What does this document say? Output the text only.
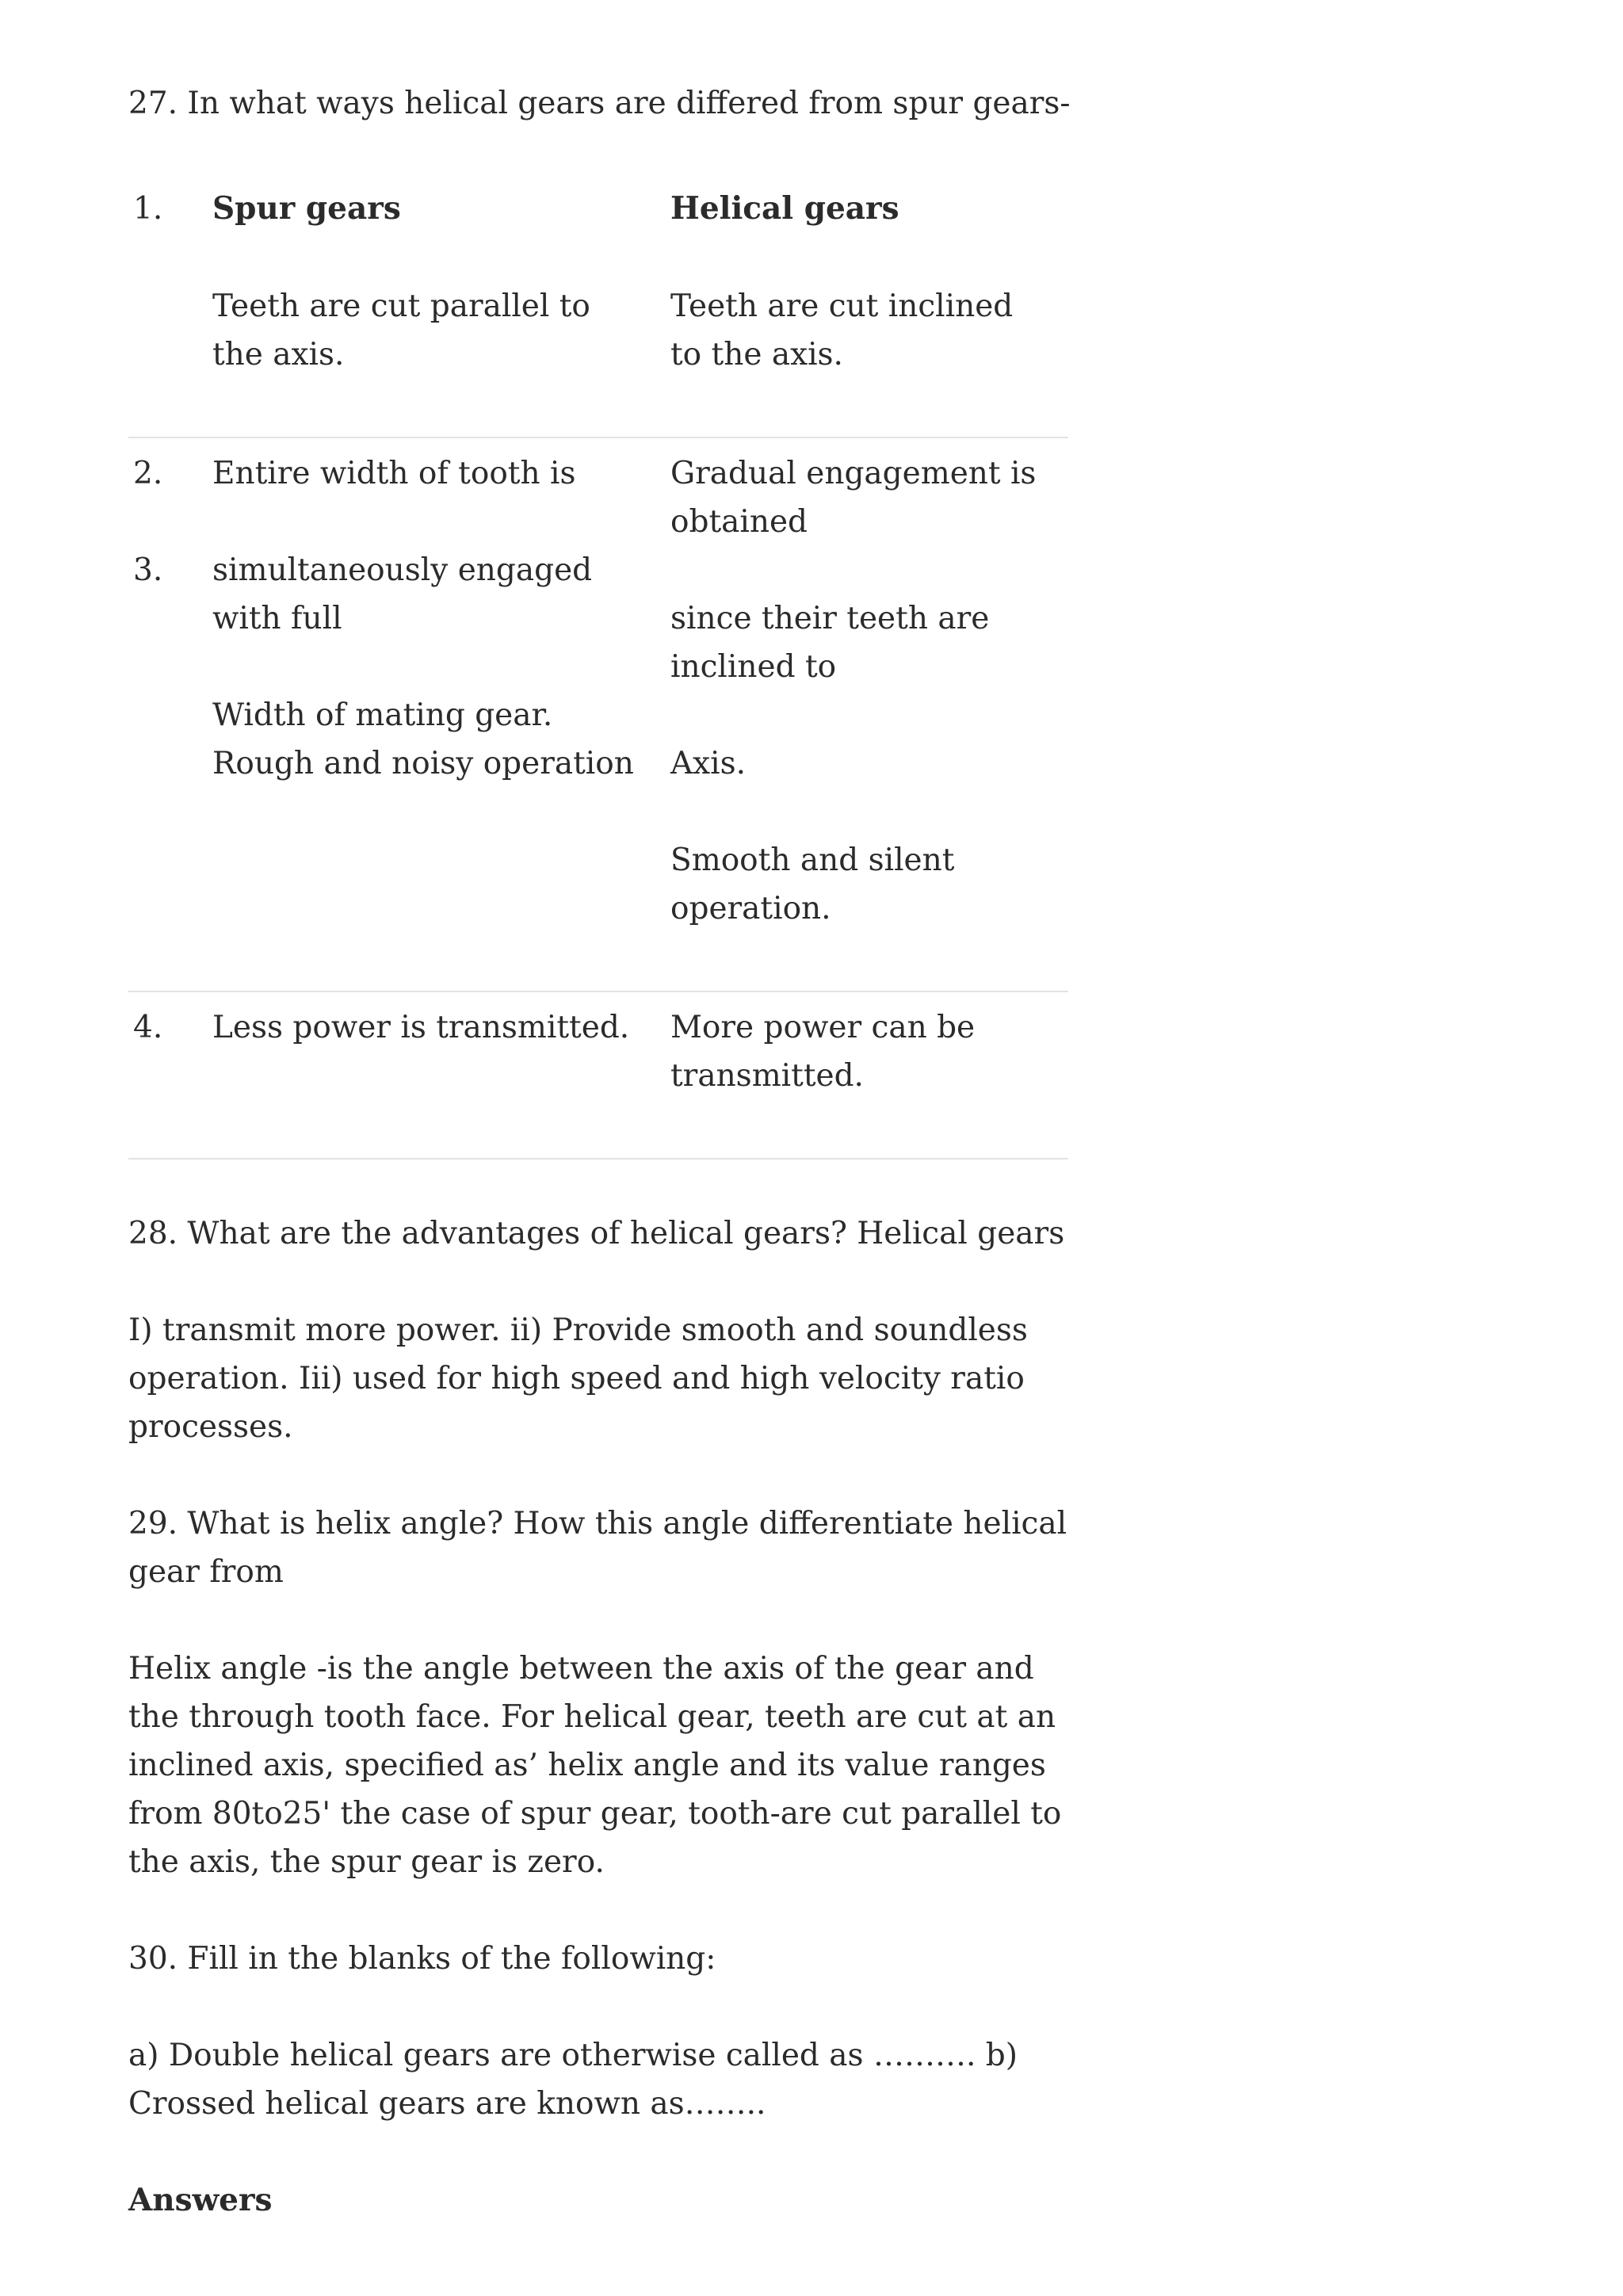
27. In what ways helical gears are differed from spur gears-

1. Spur gears	Helical gears

Teeth are cut parallel to the axis.

Teeth are cut inclined to the axis.

2.
3.

Entire width of tooth is

simultaneously engaged with full

Width of mating gear. Rough and noisy operation

Gradual engagement is obtained

since their teeth are inclined to

Axis.

Smooth and silent operation.

4. Less power is transmitted.	More power can be transmitted.

28. What are the advantages of helical gears? Helical gears

I) transmit more power. ii) Provide smooth and soundless operation. Iii) used for high speed and high velocity ratio processes.

29. What is helix angle? How this angle differentiate helical gear from

Helix angle -is the angle between the axis of the gear and the through tooth face. For helical gear, teeth are cut at an inclined axis, specified as’ helix angle and its value ranges from 80to25' the case of spur gear, tooth-are cut parallel to the axis, the spur gear is zero.

30. Fill in the blanks of the following:

a) Double helical gears are otherwise called as ………. b) Crossed helical gears are known as……..

Answers
